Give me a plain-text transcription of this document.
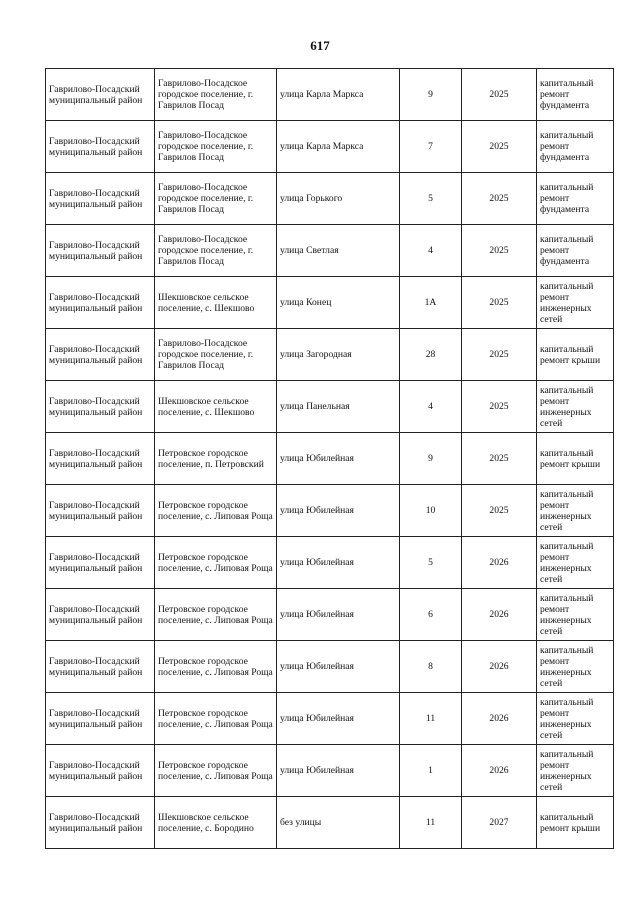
617
Гаврилово-Посадский муниципальный район	Гаврилово-Посадское городское поселение, г. Гаврилов Посад	улица Карла Маркса	9	2025	капитальный ремонт фундамента
Гаврилово-Посадский муниципальный район	Гаврилово-Посадское городское поселение, г. Гаврилов Посад	улица Карла Маркса	7	2025	капитальный ремонт фундамента
Гаврилово-Посадский муниципальный район	Гаврилово-Посадское городское поселение, г. Гаврилов Посад	улица Горького	5	2025	капитальный ремонт фундамента
Гаврилово-Посадский муниципальный район	Гаврилово-Посадское городское поселение, г. Гаврилов Посад	улица Светлая	4	2025	капитальный ремонт фундамента
Гаврилово-Посадский муниципальный район	Шекшовское сельское поселение, с. Шекшово	улица Конец	1А	2025	капитальный ремонт инженерных сетей
Гаврилово-Посадский муниципальный район	Гаврилово-Посадское городское поселение, г. Гаврилов Посад	улица Загородная	28	2025	капитальный ремонт крыши
Гаврилово-Посадский муниципальный район	Шекшовское сельское поселение, с. Шекшово	улица Панельная	4	2025	капитальный ремонт инженерных сетей
Гаврилово-Посадский муниципальный район	Петровское городское поселение, п. Петровский	улица Юбилейная	9	2025	капитальный ремонт крыши
Гаврилово-Посадский муниципальный район	Петровское городское поселение, с. Липовая Роща	улица Юбилейная	10	2025	капитальный ремонт инженерных сетей
Гаврилово-Посадский муниципальный район	Петровское городское поселение, с. Липовая Роща	улица Юбилейная	5	2026	капитальный ремонт инженерных сетей
Гаврилово-Посадский муниципальный район	Петровское городское поселение, с. Липовая Роща	улица Юбилейная	6	2026	капитальный ремонт инженерных сетей
Гаврилово-Посадский муниципальный район	Петровское городское поселение, с. Липовая Роща	улица Юбилейная	8	2026	капитальный ремонт инженерных сетей
Гаврилово-Посадский муниципальный район	Петровское городское поселение, с. Липовая Роща	улица Юбилейная	11	2026	капитальный ремонт инженерных сетей
Гаврилово-Посадский муниципальный район	Петровское городское поселение, с. Липовая Роща	улица Юбилейная	1	2026	капитальный ремонт инженерных сетей
Гаврилово-Посадский муниципальный район	Шекшовское сельское поселение, с. Бородино	без улицы	11	2027	капитальный ремонт крыши
